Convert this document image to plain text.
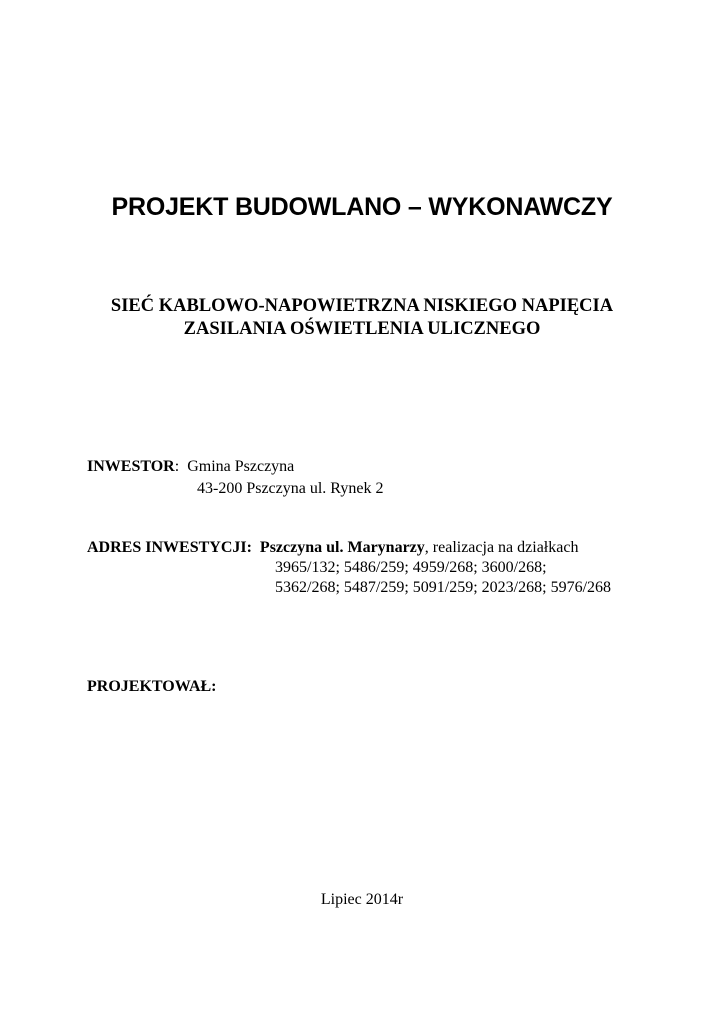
PROJEKT BUDOWLANO – WYKONAWCZY
SIEĆ KABLOWO-NAPOWIETRZNA NISKIEGO NAPIĘCIA
ZASILANIA OŚWIETLENIA ULICZNEGO
INWESTOR:  Gmina Pszczyna
43-200 Pszczyna ul. Rynek 2
ADRES INWESTYCJI: Pszczyna ul. Marynarzy, realizacja na działkach
3965/132; 5486/259; 4959/268; 3600/268;
5362/268; 5487/259; 5091/259; 2023/268; 5976/268
PROJEKTOWAŁ:
Lipiec 2014r
